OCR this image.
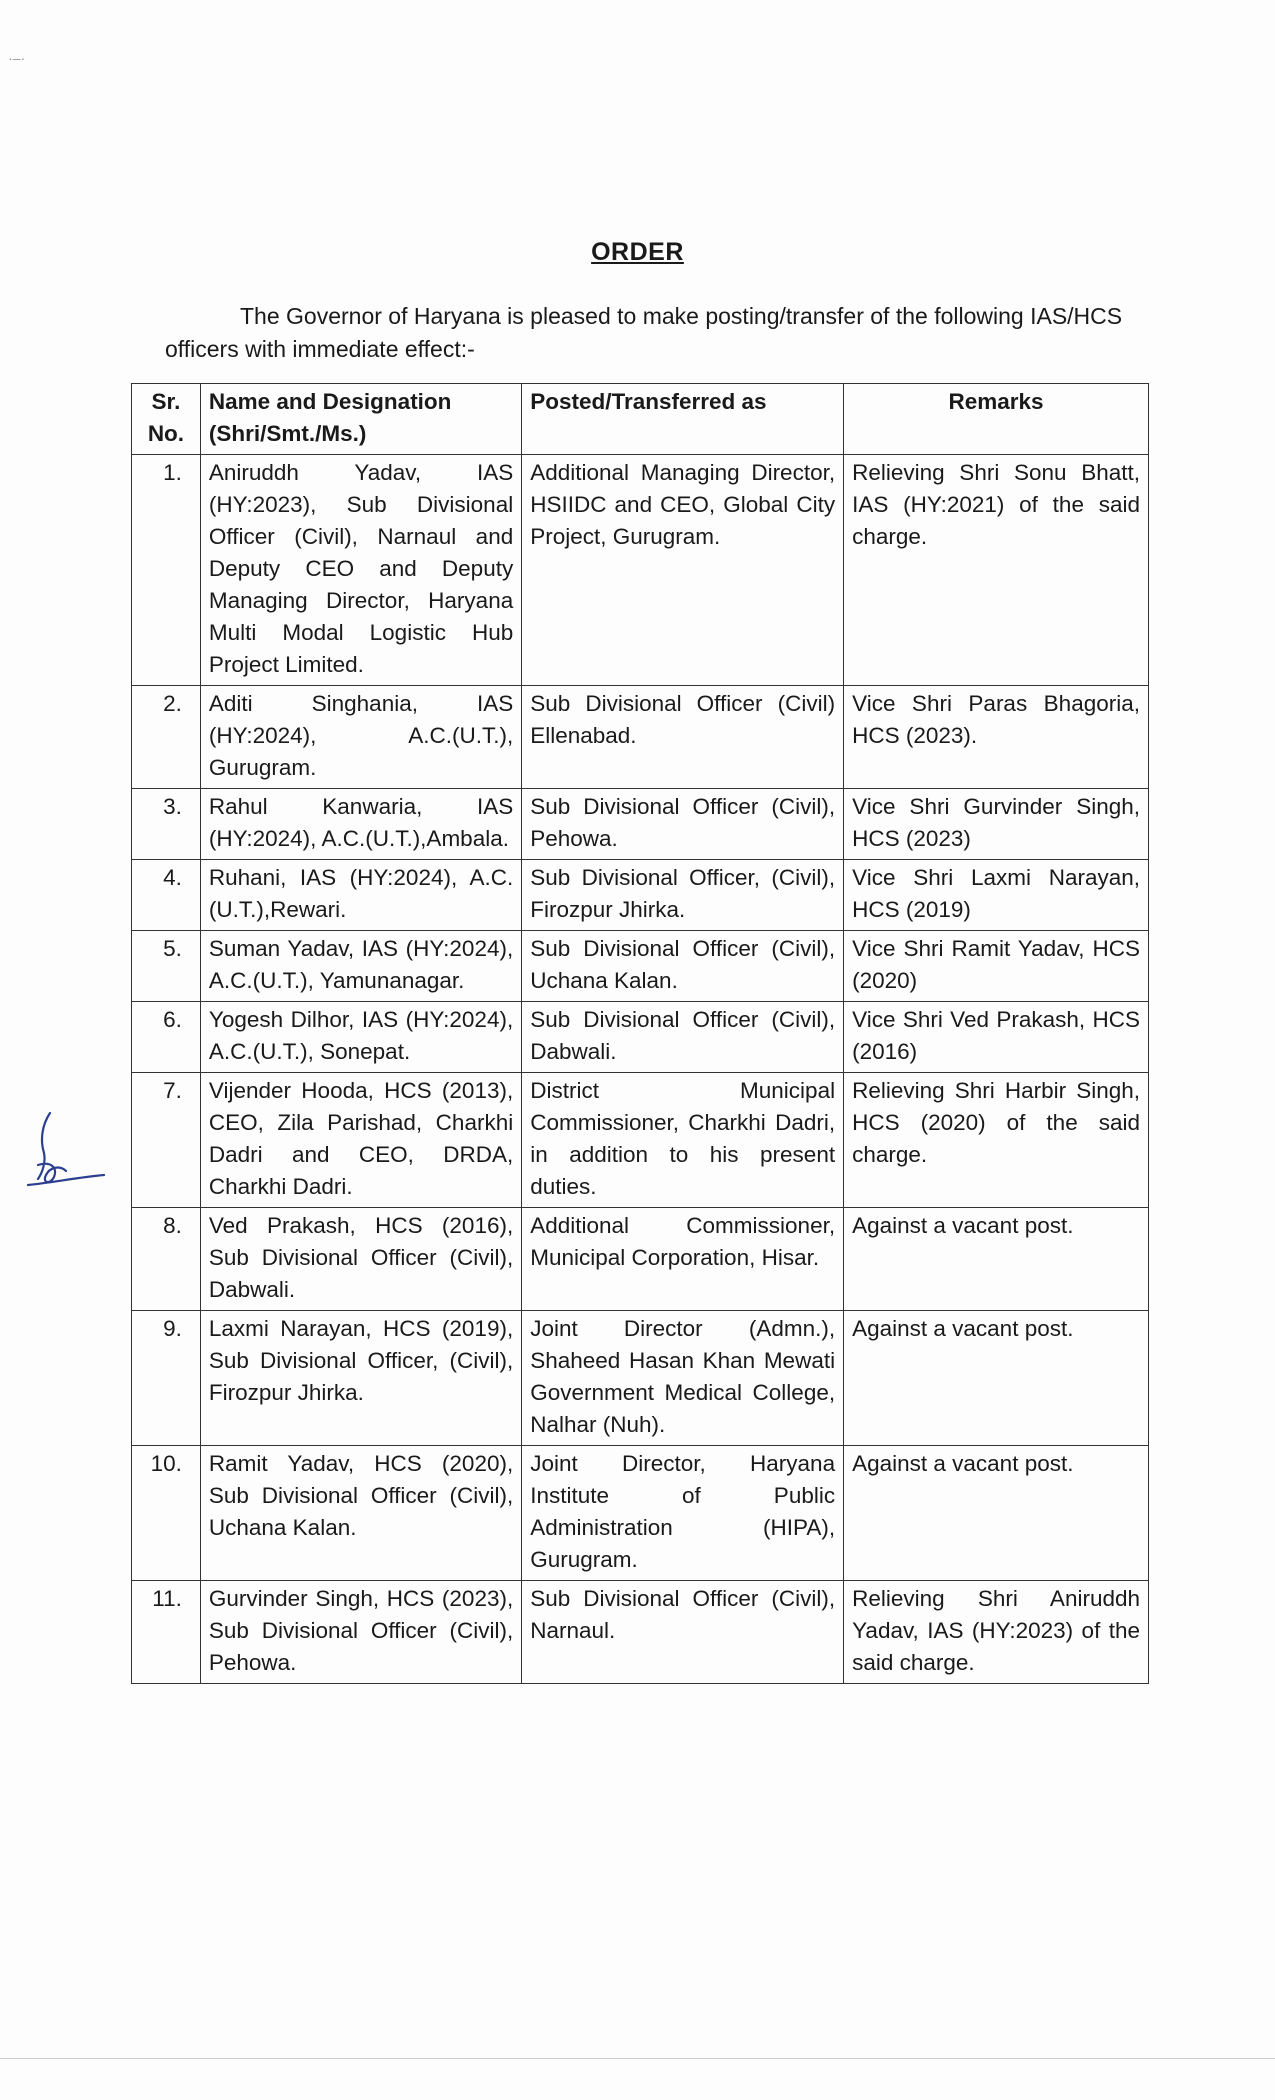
·–·
ORDER
The Governor of Haryana is pleased to make posting/transfer of the following IAS/HCS officers with immediate effect:-
Sr. No.	Name and Designation (Shri/Smt./Ms.)	Posted/Transferred as	Remarks
1.	Aniruddh Yadav, IAS (HY:2023), Sub Divisional Officer (Civil), Narnaul and Deputy CEO and Deputy Managing Director, Haryana Multi Modal Logistic Hub Project Limited.	Additional Managing Director, HSIIDC and CEO, Global City Project, Gurugram.	Relieving Shri Sonu Bhatt, IAS (HY:2021) of the said charge.
2.	Aditi Singhania, IAS (HY:2024), A.C.(U.T.), Gurugram.	Sub Divisional Officer (Civil) Ellenabad.	Vice Shri Paras Bhagoria, HCS (2023).
3.	Rahul Kanwaria, IAS (HY:2024), A.C.(U.T.),Ambala.	Sub Divisional Officer (Civil), Pehowa.	Vice Shri Gurvinder Singh, HCS (2023)
4.	Ruhani, IAS (HY:2024), A.C.(U.T.),Rewari.	Sub Divisional Officer, (Civil), Firozpur Jhirka.	Vice Shri Laxmi Narayan, HCS (2019)
5.	Suman Yadav, IAS (HY:2024), A.C.(U.T.), Yamunanagar.	Sub Divisional Officer (Civil), Uchana Kalan.	Vice Shri Ramit Yadav, HCS (2020)
6.	Yogesh Dilhor, IAS (HY:2024), A.C.(U.T.), Sonepat.	Sub Divisional Officer (Civil), Dabwali.	Vice Shri Ved Prakash, HCS (2016)
7.	Vijender Hooda, HCS (2013), CEO, Zila Parishad, Charkhi Dadri and CEO, DRDA, Charkhi Dadri.	District Municipal Commissioner, Charkhi Dadri, in addition to his present duties.	Relieving Shri Harbir Singh, HCS (2020) of the said charge.
8.	Ved Prakash, HCS (2016), Sub Divisional Officer (Civil), Dabwali.	Additional Commissioner, Municipal Corporation, Hisar.	Against a vacant post.
9.	Laxmi Narayan, HCS (2019), Sub Divisional Officer, (Civil), Firozpur Jhirka.	Joint Director (Admn.), Shaheed Hasan Khan Mewati Government Medical College, Nalhar (Nuh).	Against a vacant post.
10.	Ramit Yadav, HCS (2020), Sub Divisional Officer (Civil), Uchana Kalan.	Joint Director, Haryana Institute of Public Administration (HIPA), Gurugram.	Against a vacant post.
11.	Gurvinder Singh, HCS (2023), Sub Divisional Officer (Civil), Pehowa.	Sub Divisional Officer (Civil), Narnaul.	Relieving Shri Aniruddh Yadav, IAS (HY:2023) of the said charge.
